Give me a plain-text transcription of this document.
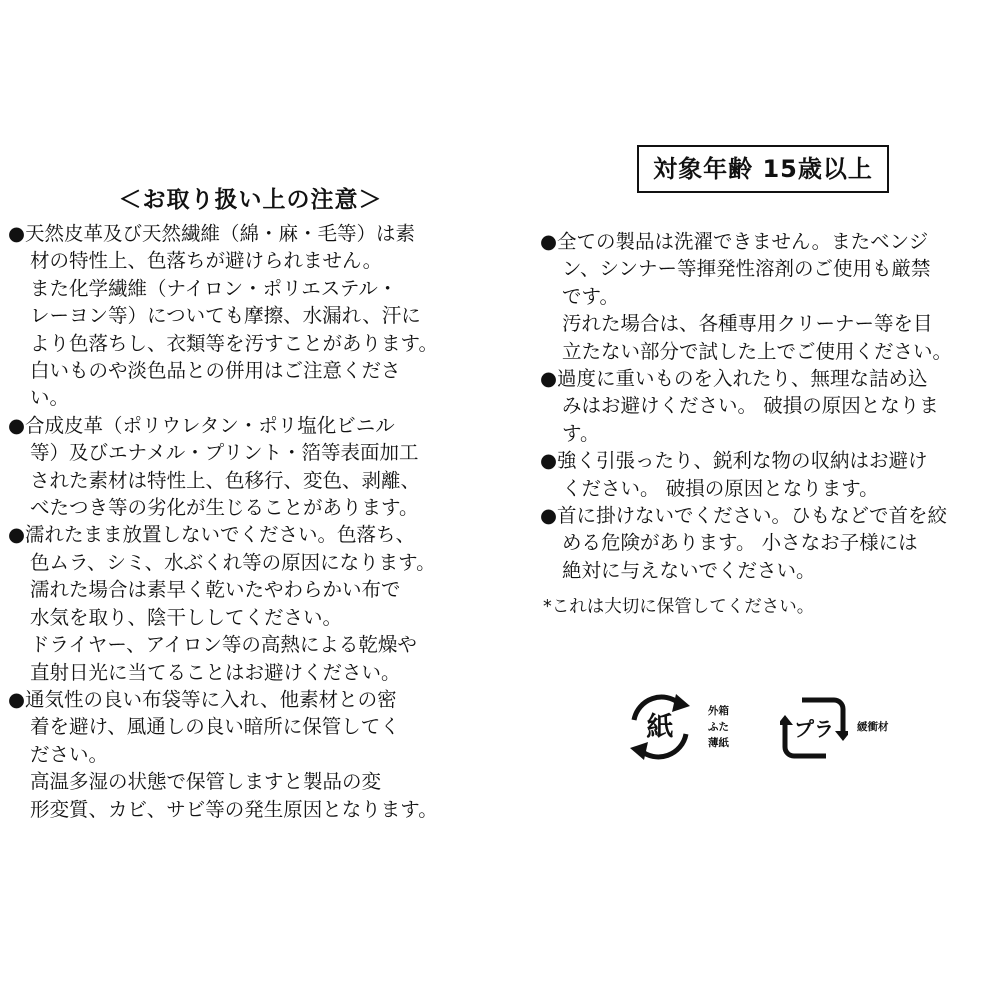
＜お取り扱い上の注意＞

●天然皮革及び天然繊維（綿・麻・毛等）は素
材の特性上、色落ちが避けられません。
また化学繊維（ナイロン・ポリエステル・
レーヨン等）についても摩擦、水漏れ、汗に
より色落ちし、衣類等を汚すことがあります。
白いものや淡色品との併用はご注意くださ
い。

●合成皮革（ポリウレタン・ポリ塩化ビニル
等）及びエナメル・プリント・箔等表面加工
された素材は特性上、色移行、変色、剥離、
べたつき等の劣化が生じることがあります。

●濡れたまま放置しないでください。色落ち、
色ムラ、シミ、水ぶくれ等の原因になります。
濡れた場合は素早く乾いたやわらかい布で
水気を取り、陰干ししてください。
ドライヤー、アイロン等の高熱による乾燥や
直射日光に当てることはお避けください。

●通気性の良い布袋等に入れ、他素材との密
着を避け、風通しの良い暗所に保管してく
ださい。
高温多湿の状態で保管しますと製品の変
形変質、カビ、サビ等の発生原因となります。

対象年齢 15歳以上

●全ての製品は洗濯できません。またベンジ
ン、シンナー等揮発性溶剤のご使用も厳禁
です。
汚れた場合は、各種専用クリーナー等を目
立たない部分で試した上でご使用ください。

●過度に重いものを入れたり、無理な詰め込
みはお避けください。 破損の原因となりま
す。

●強く引張ったり、鋭利な物の収納はお避け
ください。 破損の原因となります。

●首に掛けないでください。ひもなどで首を絞
める危険があります。 小さなお子様には
絶対に与えないでください。

*これは大切に保管してください。
紙
外箱
ふた
薄紙
プラ 緩衝材
